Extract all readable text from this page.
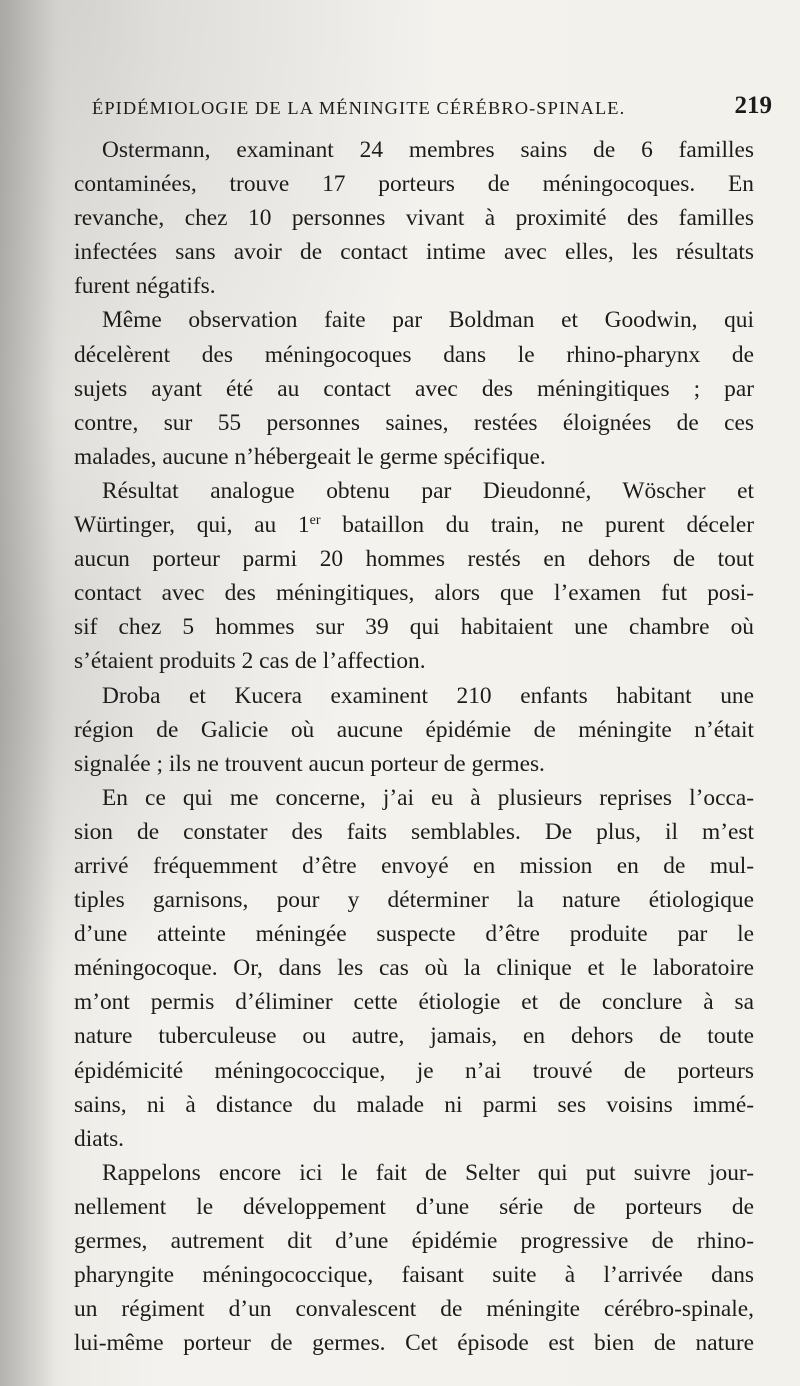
ÉPIDÉMIOLOGIE DE LA MÉNINGITE CÉRÉBRO-SPINALE.	219
Ostermann, examinant 24 membres sains de 6 familles
contaminées, trouve 17 porteurs de méningocoques. En
revanche, chez 10 personnes vivant à proximité des familles
infectées sans avoir de contact intime avec elles, les résultats
furent négatifs.
Même observation faite par Boldman et Goodwin, qui
décelèrent des méningocoques dans le rhino-pharynx de
sujets ayant été au contact avec des méningitiques ; par
contre, sur 55 personnes saines, restées éloignées de ces
malades, aucune n’hébergeait le germe spécifique.
Résultat analogue obtenu par Dieudonné, Wöscher et
Würtinger, qui, au 1er bataillon du train, ne purent déceler
aucun porteur parmi 20 hommes restés en dehors de tout
contact avec des méningitiques, alors que l’examen fut posi-
sif chez 5 hommes sur 39 qui habitaient une chambre où
s’étaient produits 2 cas de l’affection.
Droba et Kucera examinent 210 enfants habitant une
région de Galicie où aucune épidémie de méningite n’était
signalée ; ils ne trouvent aucun porteur de germes.
En ce qui me concerne, j’ai eu à plusieurs reprises l’occa-
sion de constater des faits semblables. De plus, il m’est
arrivé fréquemment d’être envoyé en mission en de mul-
tiples garnisons, pour y déterminer la nature étiologique
d’une atteinte méningée suspecte d’être produite par le
méningocoque. Or, dans les cas où la clinique et le laboratoire
m’ont permis d’éliminer cette étiologie et de conclure à sa
nature tuberculeuse ou autre, jamais, en dehors de toute
épidémicité méningococcique, je n’ai trouvé de porteurs
sains, ni à distance du malade ni parmi ses voisins immé-
diats.
Rappelons encore ici le fait de Selter qui put suivre jour-
nellement le développement d’une série de porteurs de
germes, autrement dit d’une épidémie progressive de rhino-
pharyngite méningococcique, faisant suite à l’arrivée dans
un régiment d’un convalescent de méningite cérébro-spinale,
lui-même porteur de germes. Cet épisode est bien de nature
